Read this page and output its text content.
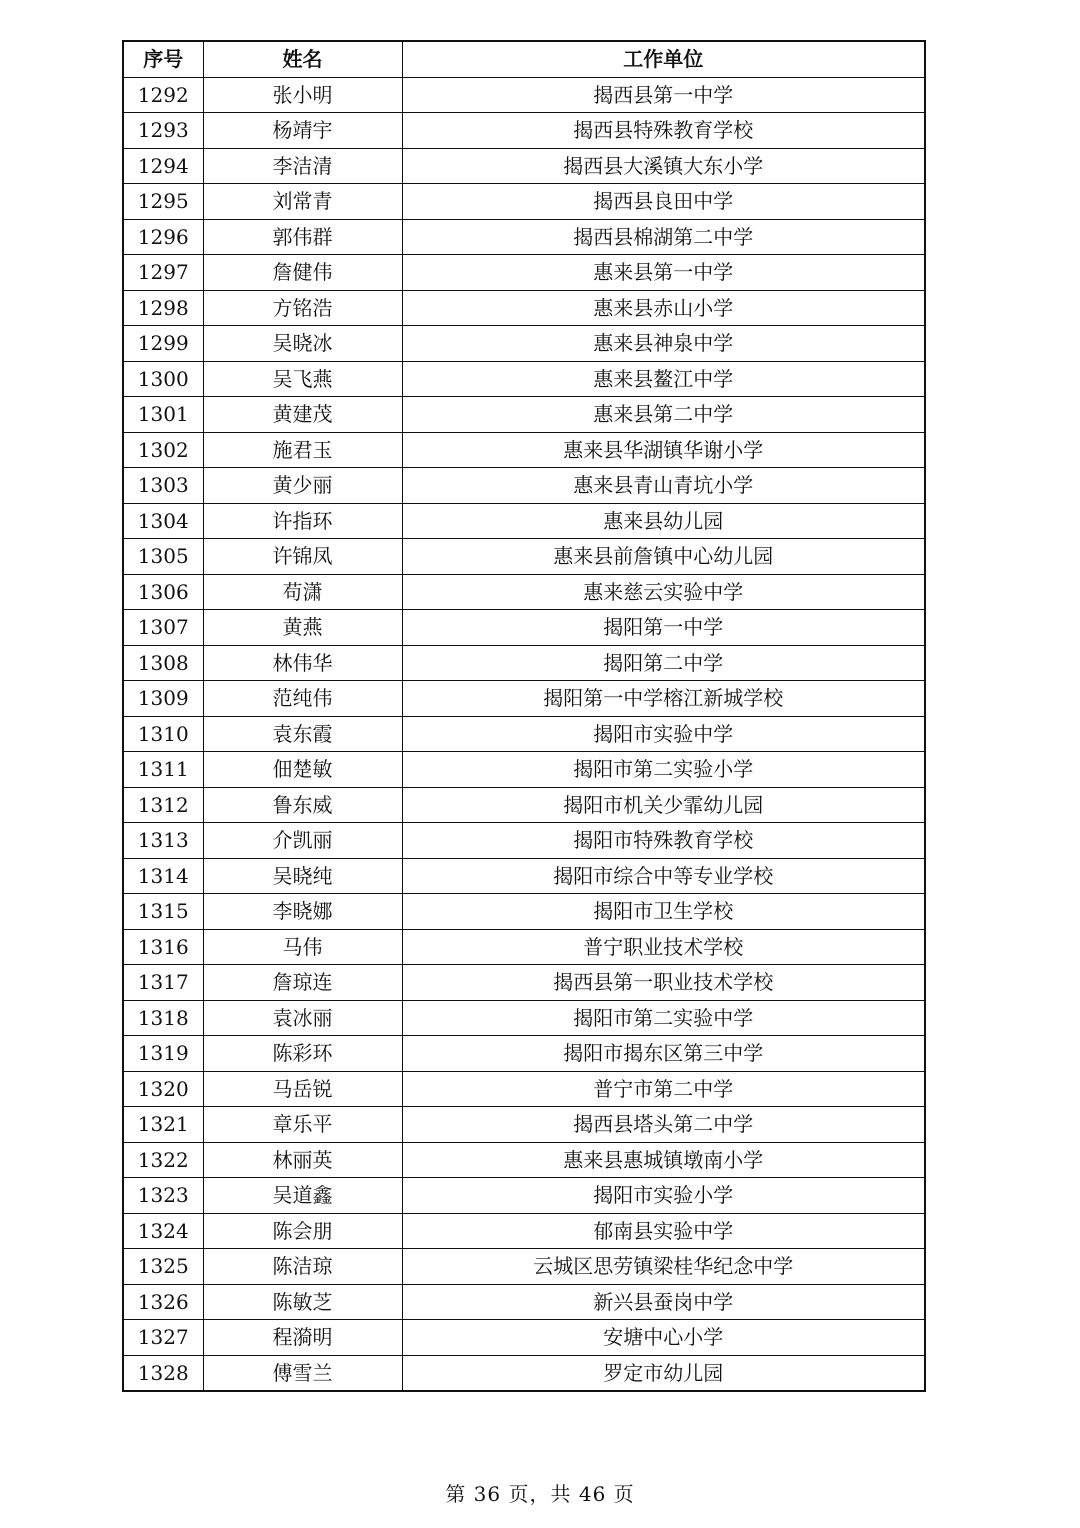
序号	姓名	工作单位
1292	张小明	揭西县第一中学
1293	杨靖宇	揭西县特殊教育学校
1294	李洁清	揭西县大溪镇大东小学
1295	刘常青	揭西县良田中学
1296	郭伟群	揭西县棉湖第二中学
1297	詹健伟	惠来县第一中学
1298	方铭浩	惠来县赤山小学
1299	吴晓冰	惠来县神泉中学
1300	吴飞燕	惠来县鳌江中学
1301	黄建茂	惠来县第二中学
1302	施君玉	惠来县华湖镇华谢小学
1303	黄少丽	惠来县青山青坑小学
1304	许指环	惠来县幼儿园
1305	许锦凤	惠来县前詹镇中心幼儿园
1306	苟潇	惠来慈云实验中学
1307	黄燕	揭阳第一中学
1308	林伟华	揭阳第二中学
1309	范纯伟	揭阳第一中学榕江新城学校
1310	袁东霞	揭阳市实验中学
1311	佃楚敏	揭阳市第二实验小学
1312	鲁东威	揭阳市机关少霏幼儿园
1313	介凯丽	揭阳市特殊教育学校
1314	吴晓纯	揭阳市综合中等专业学校
1315	李晓娜	揭阳市卫生学校
1316	马伟	普宁职业技术学校
1317	詹琼连	揭西县第一职业技术学校
1318	袁冰丽	揭阳市第二实验中学
1319	陈彩环	揭阳市揭东区第三中学
1320	马岳锐	普宁市第二中学
1321	章乐平	揭西县塔头第二中学
1322	林丽英	惠来县惠城镇墩南小学
1323	吴道鑫	揭阳市实验小学
1324	陈会朋	郁南县实验中学
1325	陈洁琼	云城区思劳镇梁桂华纪念中学
1326	陈敏芝	新兴县蚕岗中学
1327	程漪明	安塘中心小学
1328	傅雪兰	罗定市幼儿园
第 36 页，共 46 页
